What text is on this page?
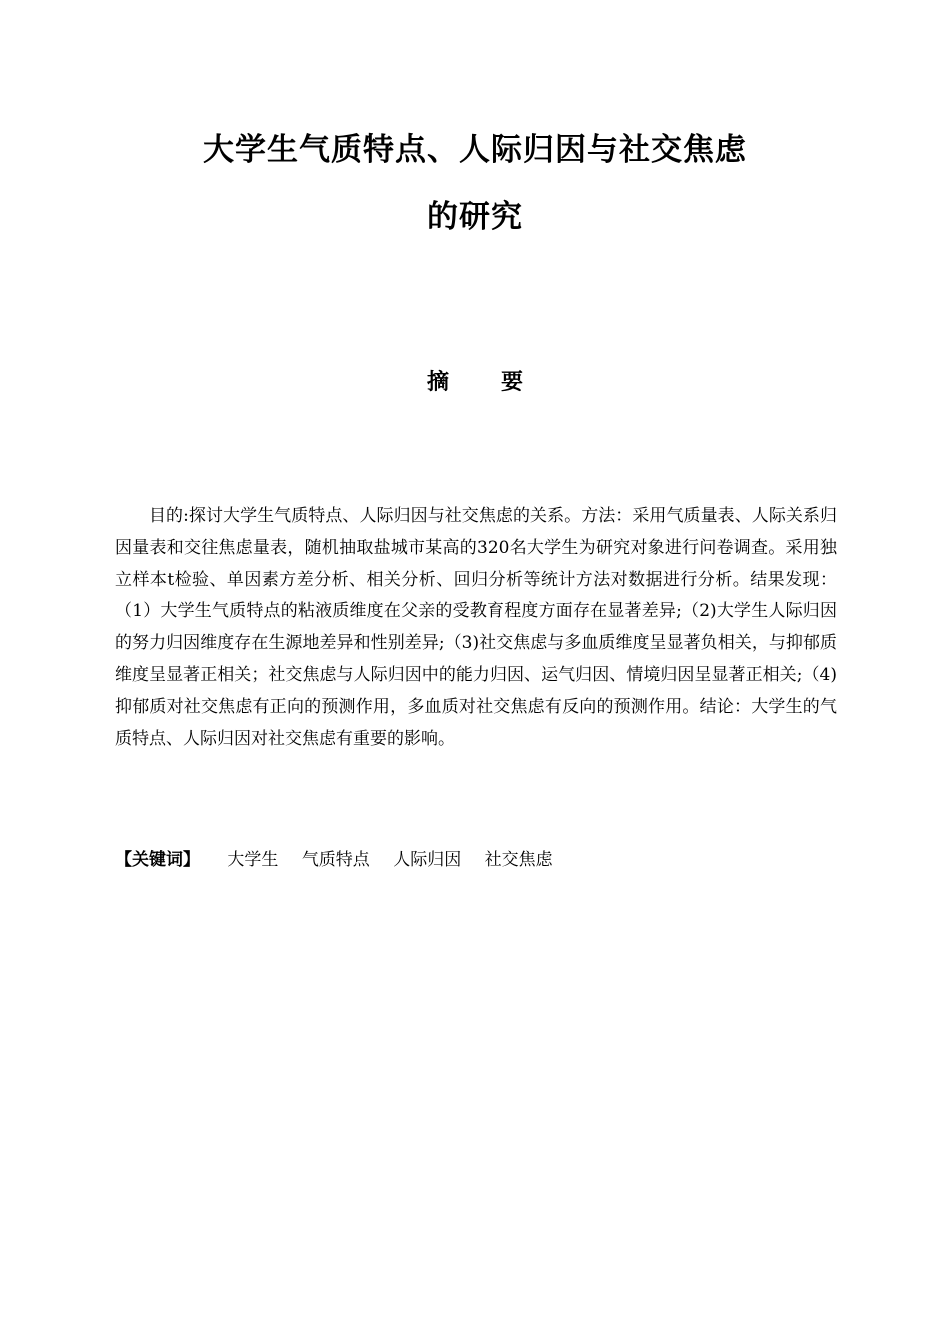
大学生气质特点、人际归因与社交焦虑
的研究
摘 要

目的:探讨大学生气质特点、人际归因与社交焦虑的关系。方法：采用气质量表、人际关系归因量表和交往焦虑量表，随机抽取盐城市某高的320名大学生为研究对象进行问卷调查。采用独立样本t检验、单因素方差分析、相关分析、回归分析等统计方法对数据进行分析。结果发现：（1）大学生气质特点的粘液质维度在父亲的受教育程度方面存在显著差异;（2)大学生人际归因的努力归因维度存在生源地差异和性别差异;（3)社交焦虑与多血质维度呈显著负相关，与抑郁质维度呈显著正相关；社交焦虑与人际归因中的能力归因、运气归因、情境归因呈显著正相关;（4)抑郁质对社交焦虑有正向的预测作用，多血质对社交焦虑有反向的预测作用。结论：大学生的气质特点、人际归因对社交焦虑有重要的影响。

【关键词】 大学生 气质特点 人际归因 社交焦虑
